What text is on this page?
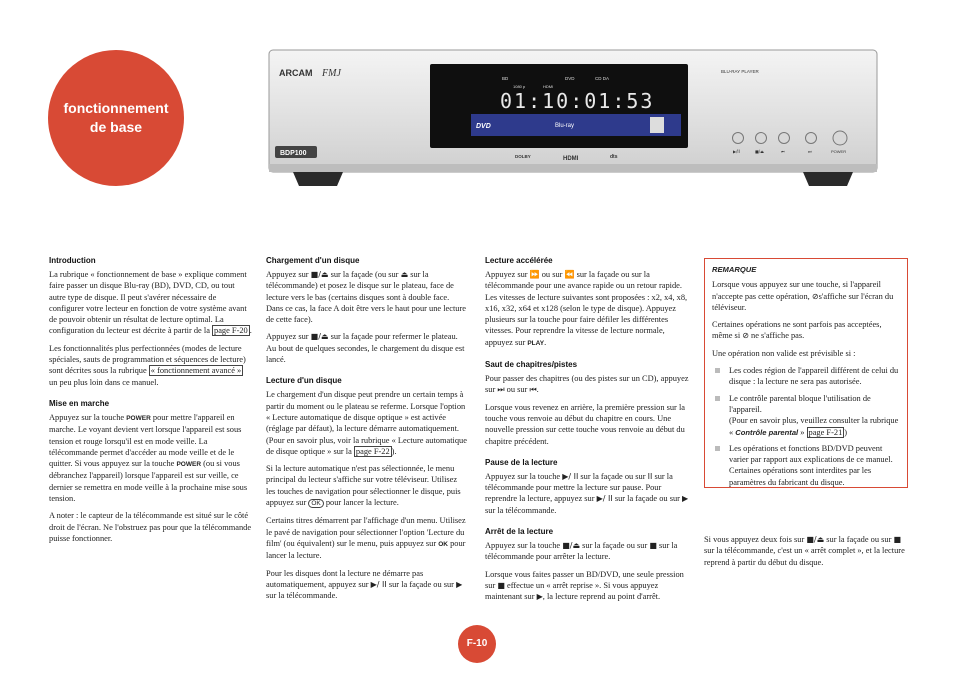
fonctionnement
de base
ARCAM FMJ
BDP100
BD	DVD	CD DA
1080 p	HDMI
01:10:01:53
DVD	Blu-ray
BLU-RAY PLAYER
▶/II	■/⏏	⏮	⏭	POWER
DOLBY	HDMI	dts
Introduction

La rubrique « fonctionnement de base » explique comment faire passer un disque Blu-ray (BD), DVD, CD, ou tout autre type de disque. Il peut s'avérer nécessaire de configurer votre lecteur en fonction de votre système avant de pouvoir obtenir un résultat de lecture optimal. La configuration du lecteur est décrite à partir de la page F-20 .

Les fonctionnalités plus perfectionnées (modes de lecture spéciales, sauts de programmation et séquences de lecture) sont décrites sous la rubrique « fonctionnement avancé » un peu plus loin dans ce manuel.

Mise en marche

Appuyez sur la touche POWER pour mettre l'appareil en marche. Le voyant devient vert lorsque l'appareil est sous tension et rouge lorsqu'il est en mode veille. La télécommande permet d'accéder au mode veille et de le quitter. Si vous appuyez sur la touche POWER (ou si vous débranchez l'appareil) lorsque l'appareil est sur veille, ce dernier se remettra en mode veille à la prochaine mise sous tension.

A noter : le capteur de la télécommande est situé sur le côté droit de l'écran. Ne l'obstruez pas pour que la télécommande puisse fonctionner.

Chargement d'un disque

Appuyez sur ■/⏏ sur la façade (ou sur ⏏ sur la télécommande) et posez le disque sur le plateau, face de lecture vers le bas (certains disques sont à double face. Dans ce cas, la face A doit être vers le haut pour une lecture de cette face).

Appuyez sur ■/⏏ sur la façade pour refermer le plateau. Au bout de quelques secondes, le chargement du disque est lancé.

Lecture d'un disque

Le chargement d'un disque peut prendre un certain temps à partir du moment ou le plateau se referme. Lorsque l'option « Lecture automatique de disque optique » est activée (réglage par défaut), la lecture démarre automatiquement. (Pour en savoir plus, voir la rubrique « Lecture automatique de disque optique » sur la page F-22 ).

Si la lecture automatique n'est pas sélectionnée, le menu principal du lecteur s'affiche sur votre téléviseur. Utilisez les touches de navigation pour sélectionner le disque, puis appuyez sur OK pour lancer la lecture.

Certains titres démarrent par l'affichage d'un menu. Utilisez le pavé de navigation pour sélectionner l'option 'Lecture du film' (ou équivalent) sur le menu, puis appuyez sur OK pour lancer la lecture.

Pour les disques dont la lecture ne démarre pas automatiquement, appuyez sur ▶/ II sur la façade ou sur ▶ sur la télécommande.

Lecture accélérée

Appuyez sur ⏩ ou sur ⏪ sur la façade ou sur la télécommande pour une avance rapide ou un retour rapide. Les vitesses de lecture suivantes sont proposées : x2, x4, x8, x16, x32, x64 et x128 (selon le type de disque). Appuyez plusieurs sur la touche pour faire défiler les différentes vitesses. Pour reprendre la vitesse de lecture normale, appuyez sur PLAY.

Saut de chapitres/pistes

Pour passer des chapitres (ou des pistes sur un CD), appuyez sur ⏭ ou sur ⏮.

Lorsque vous revenez en arrière, la première pression sur la touche vous renvoie au début du chapitre en cours. Une nouvelle pression sur cette touche vous renvoie au début du chapitre précédent.

Pause de la lecture

Appuyez sur la touche ▶/ II sur la façade ou sur II sur la télécommande pour mettre la lecture sur pause. Pour reprendre la lecture, appuyez sur ▶/ II sur la façade ou sur ▶ sur la télécommande.

Arrêt de la lecture

Appuyez sur la touche ■/⏏ sur la façade ou sur ■ sur la télécommande pour arrêter la lecture.

Lorsque vous faites passer un BD/DVD, une seule pression sur ■ effectue un « arrêt reprise ». Si vous appuyez maintenant sur ▶, la lecture reprend au point d'arrêt.

REMARQUE

Lorsque vous appuyez sur une touche, si l'appareil n'accepte pas cette opération, ⊘s'affiche sur l'écran du téléviseur.

Certaines opérations ne sont parfois pas acceptées, même si ⊘ ne s'affiche pas.

Une opération non valide est prévisible si :

Les codes région de l'appareil différent de celui du disque : la lecture ne sera pas autorisée.
Le contrôle parental bloque l'utilisation de l'appareil.
(Pour en savoir plus, veuillez consulter la rubrique « Contrôle parental » page F-21 )
Les opérations et fonctions BD/DVD peuvent varier par rapport aux explications de ce manuel. Certaines opérations sont interdites par les paramètres du fabricant du disque.

Si vous appuyez deux fois sur ■/⏏ sur la façade ou sur ■ sur la télécommande, c'est un « arrêt complet », et la lecture reprend à partir du début du disque.

F-10
